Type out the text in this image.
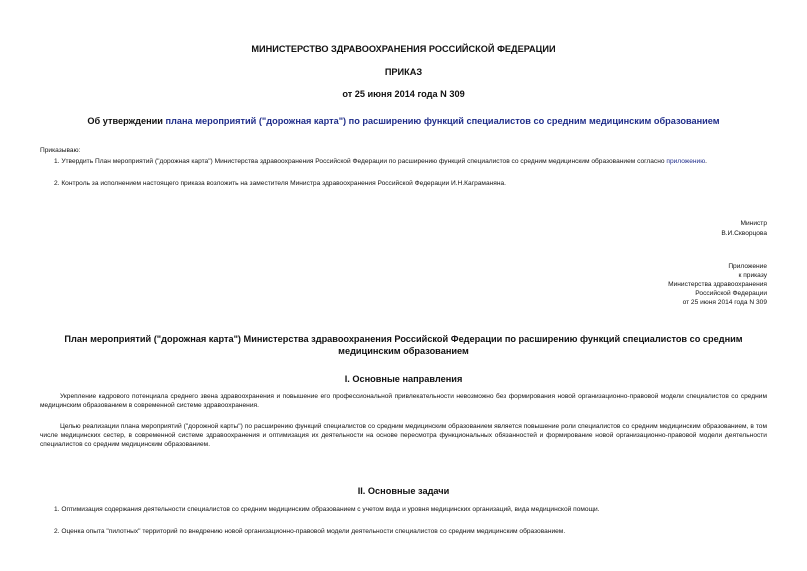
МИНИСТЕРСТВО ЗДРАВООХРАНЕНИЯ РОССИЙСКОЙ ФЕДЕРАЦИИ
ПРИКАЗ
от 25 июня 2014 года N 309
Об утверждении плана мероприятий ("дорожная карта") по расширению функций специалистов со средним медицинским образованием
Приказываю:
1. Утвердить План мероприятий ("дорожная карта") Министерства здравоохранения Российской Федерации по расширению функций специалистов со средним медицинским образованием согласно приложению.
2. Контроль за исполнением настоящего приказа возложить на заместителя Министра здравоохранения Российской Федерации И.Н.Каграманяна.
Министр
В.И.Скворцова
Приложение
к приказу
Министерства здравоохранения
Российской Федерации
от 25 июня 2014 года N 309
План мероприятий ("дорожная карта") Министерства здравоохранения Российской Федерации по расширению функций специалистов со средним медицинским образованием
I. Основные направления
Укрепление кадрового потенциала среднего звена здравоохранения и повышение его профессиональной привлекательности невозможно без формирования новой организационно-правовой модели специалистов со средним медицинским образованием в современной системе здравоохранения.
Целью реализации плана мероприятий ("дорожной карты") по расширению функций специалистов со средним медицинским образованием является повышение роли специалистов со средним медицинским образованием, в том числе медицинских сестер, в современной системе здравоохранения и оптимизация их деятельности на основе пересмотра функциональных обязанностей и формирование новой организационно-правовой модели деятельности специалистов со средним медицинским образованием.
II. Основные задачи
1. Оптимизация содержания деятельности специалистов со средним медицинским образованием с учетом вида и уровня медицинских организаций, вида медицинской помощи.
2. Оценка опыта "пилотных" территорий по внедрению новой организационно-правовой модели деятельности специалистов со средним медицинским образованием.
